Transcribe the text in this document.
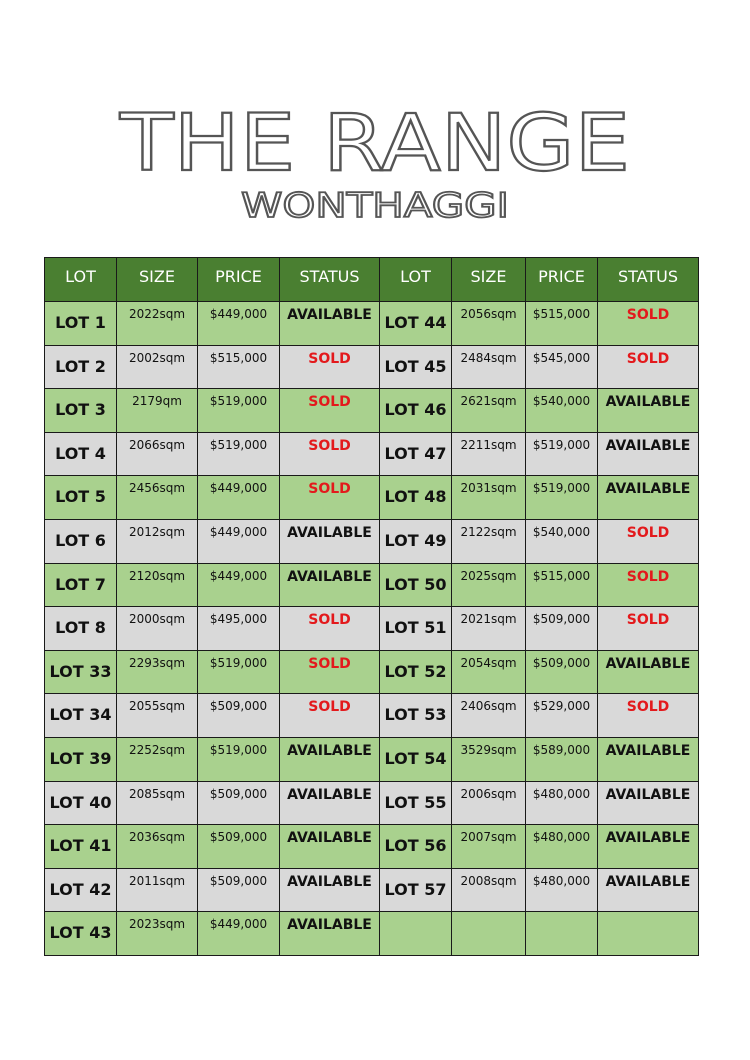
THE RANGE
WONTHAGGI
LOT	SIZE	PRICE	STATUS	LOT	SIZE	PRICE	STATUS
LOT 1	2022sqm	$449,000	AVAILABLE	LOT 44	2056sqm	$515,000	SOLD
LOT 2	2002sqm	$515,000	SOLD	LOT 45	2484sqm	$545,000	SOLD
LOT 3	2179qm	$519,000	SOLD	LOT 46	2621sqm	$540,000	AVAILABLE
LOT 4	2066sqm	$519,000	SOLD	LOT 47	2211sqm	$519,000	AVAILABLE
LOT 5	2456sqm	$449,000	SOLD	LOT 48	2031sqm	$519,000	AVAILABLE
LOT 6	2012sqm	$449,000	AVAILABLE	LOT 49	2122sqm	$540,000	SOLD
LOT 7	2120sqm	$449,000	AVAILABLE	LOT 50	2025sqm	$515,000	SOLD
LOT 8	2000sqm	$495,000	SOLD	LOT 51	2021sqm	$509,000	SOLD
LOT 33	2293sqm	$519,000	SOLD	LOT 52	2054sqm	$509,000	AVAILABLE
LOT 34	2055sqm	$509,000	SOLD	LOT 53	2406sqm	$529,000	SOLD
LOT 39	2252sqm	$519,000	AVAILABLE	LOT 54	3529sqm	$589,000	AVAILABLE
LOT 40	2085sqm	$509,000	AVAILABLE	LOT 55	2006sqm	$480,000	AVAILABLE
LOT 41	2036sqm	$509,000	AVAILABLE	LOT 56	2007sqm	$480,000	AVAILABLE
LOT 42	2011sqm	$509,000	AVAILABLE	LOT 57	2008sqm	$480,000	AVAILABLE
LOT 43	2023sqm	$449,000	AVAILABLE				
